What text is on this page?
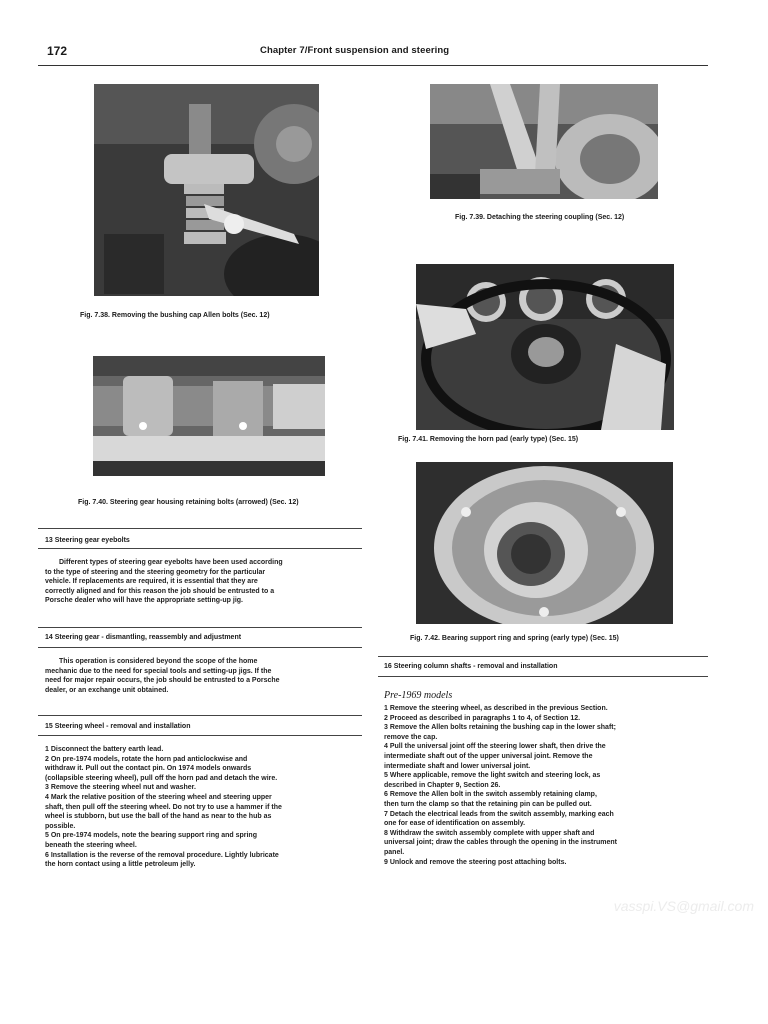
172	Chapter 7/Front suspension and steering
Fig. 7.38. Removing the bushing cap Allen bolts (Sec. 12)
Fig. 7.39. Detaching the steering coupling (Sec. 12)
Fig. 7.41. Removing the horn pad (early type) (Sec. 15)
Fig. 7.40. Steering gear housing retaining bolts (arrowed) (Sec. 12)
Fig. 7.42. Bearing support ring and spring (early type) (Sec. 15)
13 Steering gear eyebolts
Different types of steering gear eyebolts have been used according
to the type of steering and the steering geometry for the particular
vehicle. If replacements are required, it is essential that they are
correctly aligned and for this reason the job should be entrusted to a
Porsche dealer who will have the appropriate setting-up jig.
14 Steering gear - dismantling, reassembly and adjustment
This operation is considered beyond the scope of the home
mechanic due to the need for special tools and setting-up jigs. If the
need for major repair occurs, the job should be entrusted to a Porsche
dealer, or an exchange unit obtained.
15 Steering wheel - removal and installation
1 Disconnect the battery earth lead.
2 On pre-1974 models, rotate the horn pad anticlockwise and
withdraw it. Pull out the contact pin. On 1974 models onwards
(collapsible steering wheel), pull off the horn pad and detach the wire.
3 Remove the steering wheel nut and washer.
4 Mark the relative position of the steering wheel and steering upper
shaft, then pull off the steering wheel. Do not try to use a hammer if the
wheel is stubborn, but use the ball of the hand as near to the hub as
possible.
5 On pre-1974 models, note the bearing support ring and spring
beneath the steering wheel.
6 Installation is the reverse of the removal procedure. Lightly lubricate
the horn contact using a little petroleum jelly.
16 Steering column shafts - removal and installation
Pre-1969 models
1 Remove the steering wheel, as described in the previous Section.
2 Proceed as described in paragraphs 1 to 4, of Section 12.
3 Remove the Allen bolts retaining the bushing cap in the lower shaft;
remove the cap.
4 Pull the universal joint off the steering lower shaft, then drive the
intermediate shaft out of the upper universal joint. Remove the
intermediate shaft and lower universal joint.
5 Where applicable, remove the light switch and steering lock, as
described in Chapter 9, Section 26.
6 Remove the Allen bolt in the switch assembly retaining clamp,
then turn the clamp so that the retaining pin can be pulled out.
7 Detach the electrical leads from the switch assembly, marking each
one for ease of identification on assembly.
8 Withdraw the switch assembly complete with upper shaft and
universal joint; draw the cables through the opening in the instrument
panel.
9 Unlock and remove the steering post attaching bolts.
vasspi.VS@gmail.com
